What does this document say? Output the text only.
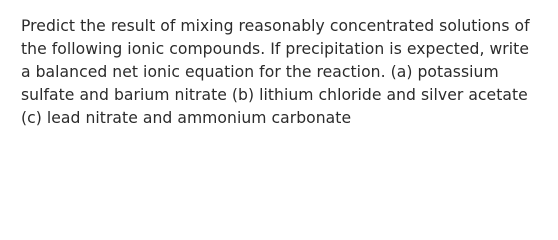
Predict the result of mixing reasonably concentrated solutions of
the following ionic compounds. If precipitation is expected, write
a balanced net ionic equation for the reaction. (a) potassium
sulfate and barium nitrate (b) lithium chloride and silver acetate
(c) lead nitrate and ammonium carbonate
